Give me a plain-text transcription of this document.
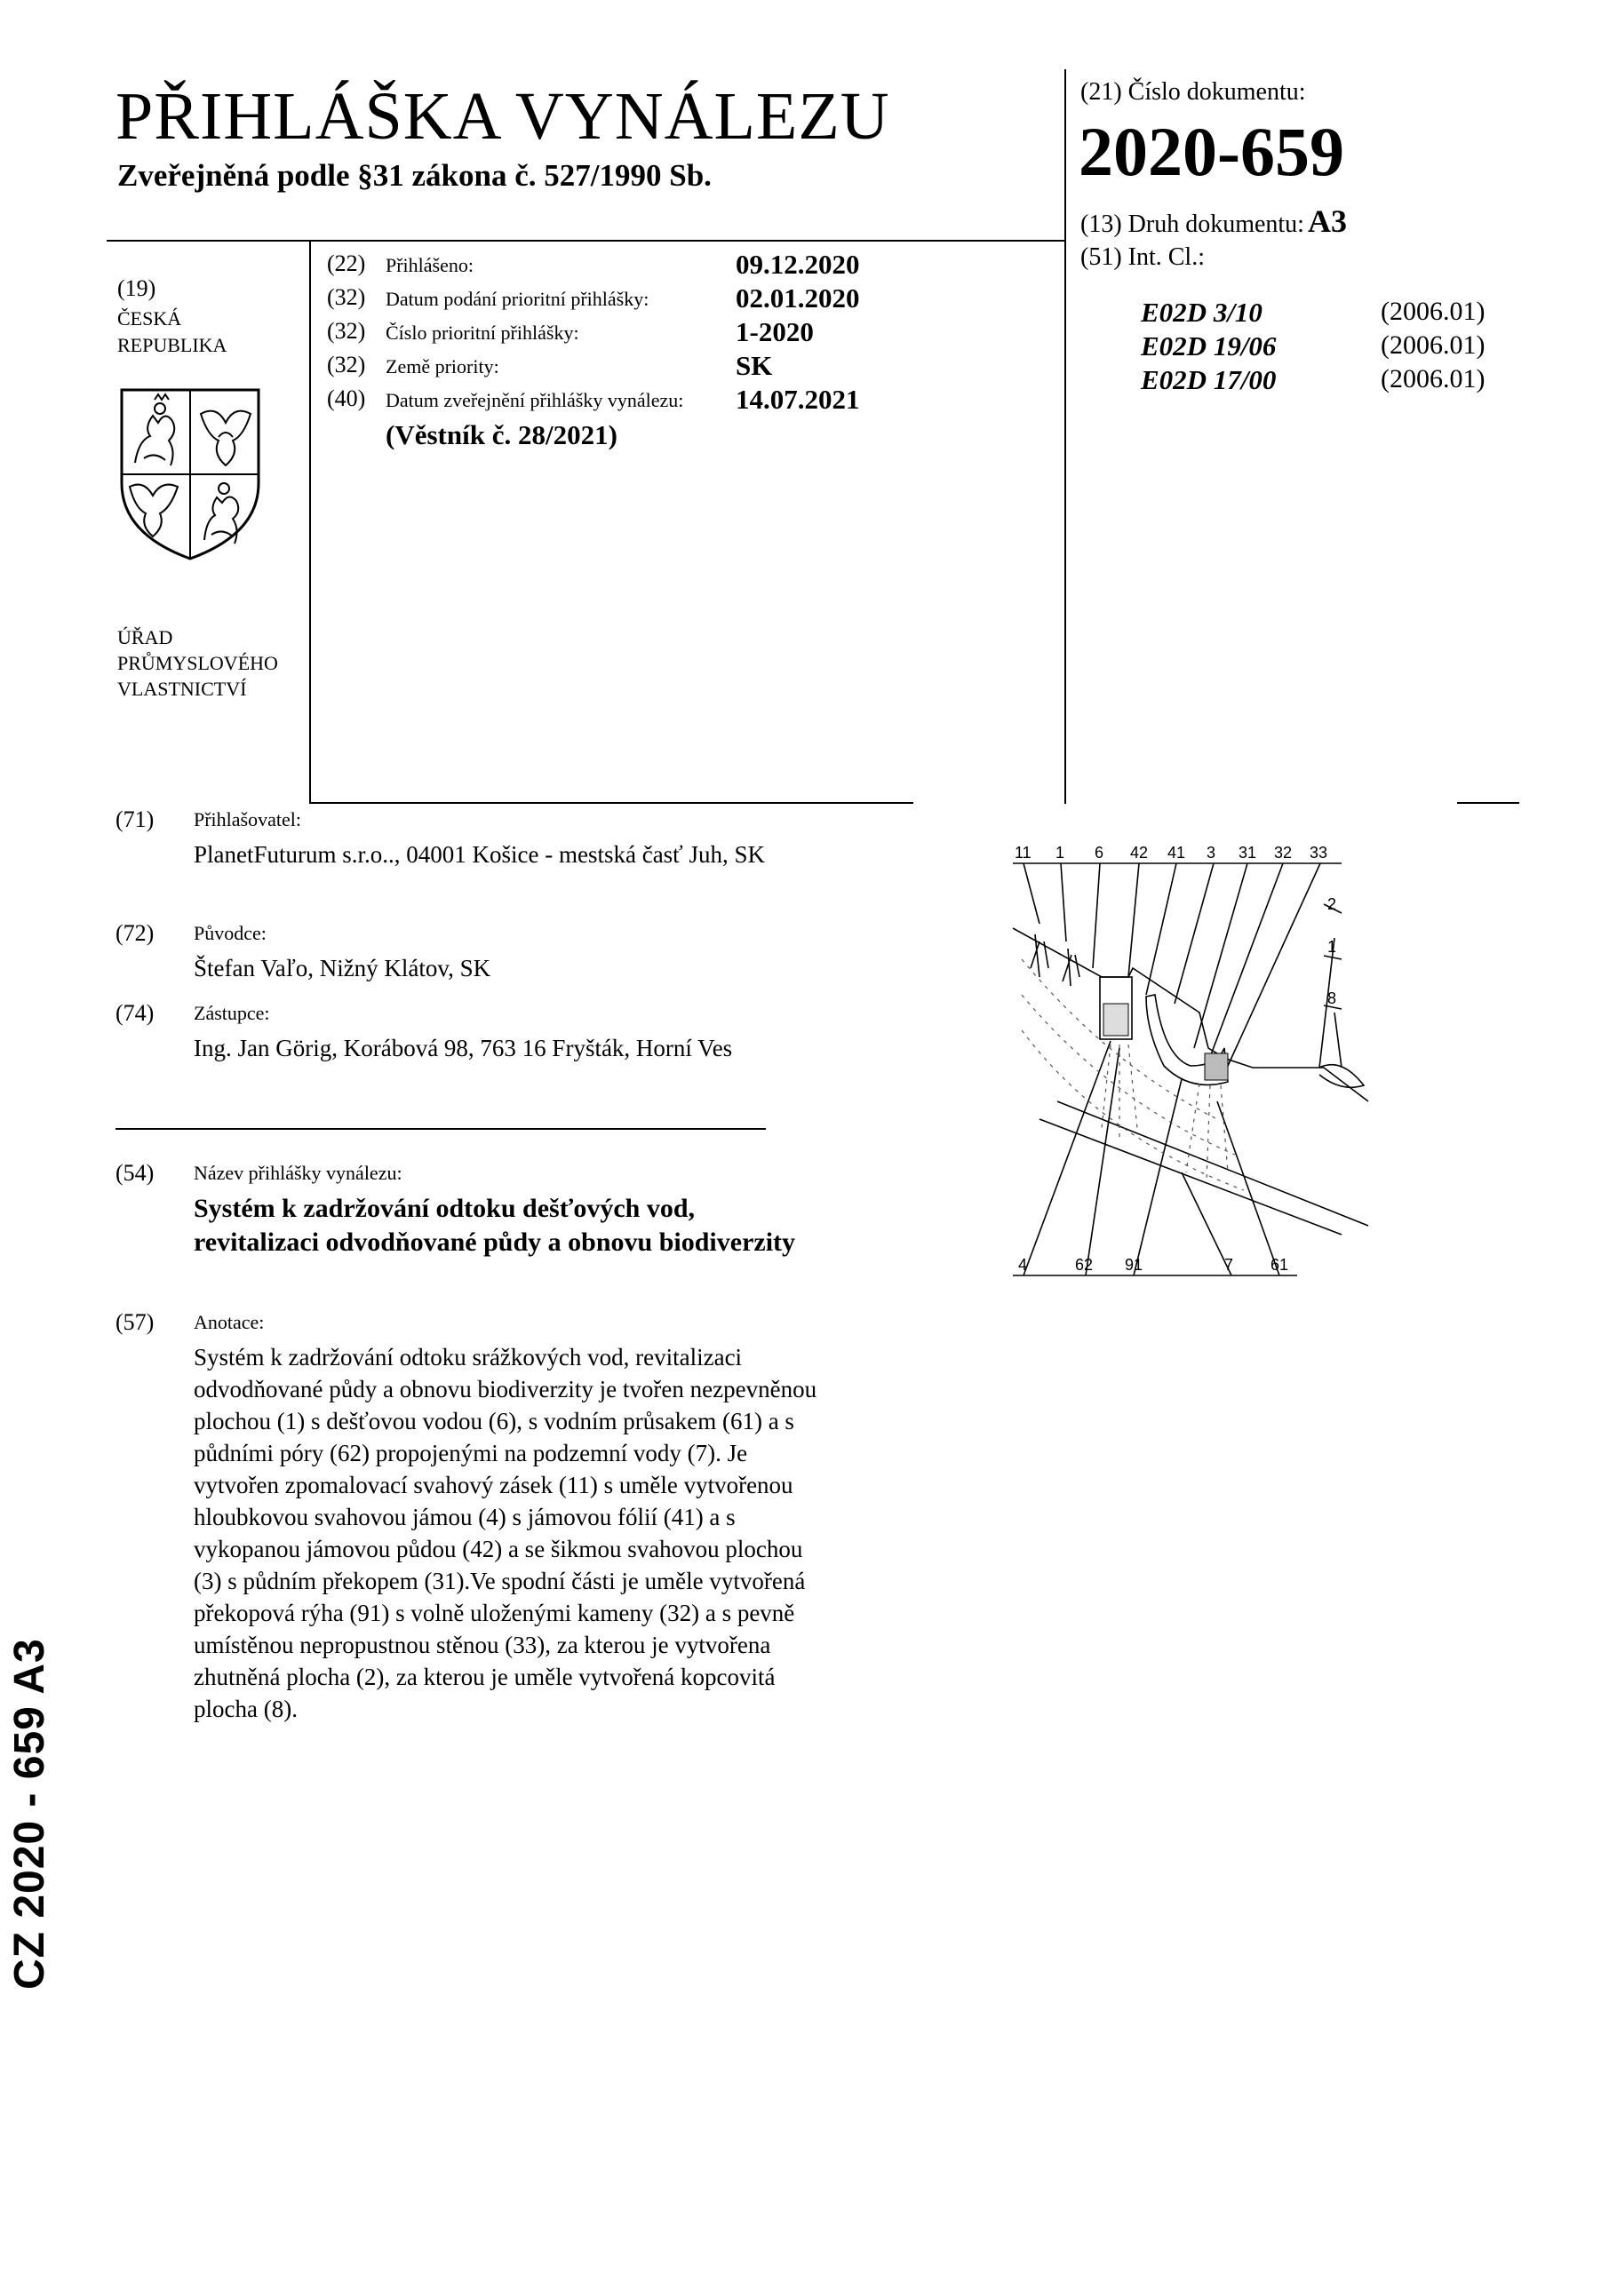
PŘIHLÁŠKA VYNÁLEZU
Zveřejněná podle §31 zákona č. 527/1990 Sb.
(19)
ČESKÁ
REPUBLIKA
ÚŘAD
PRŮMYSLOVÉHO
VLASTNICTVÍ
(22) Přihlášeno:	09.12.2020
(32) Datum podání prioritní přihlášky:	02.01.2020
(32) Číslo prioritní přihlášky:	1-2020
(32) Země priority:	SK
(40) Datum zveřejnění přihlášky vynálezu: 14.07.2021
(Věstník č. 28/2021)
(21) Číslo dokumentu:
2020-659
(13) Druh dokumentu: A3
(51) Int. Cl.:
E02D 3/10	(2006.01)
E02D 19/06	(2006.01)
E02D 17/00	(2006.01)
(71) Přihlašovatel:
PlanetFuturum s.r.o.., 04001 Košice - mestská časť Juh, SK
(72) Původce:
Štefan Vaľo, Nižný Klátov, SK
(74) Zástupce:
Ing. Jan Görig, Korábová 98, 763 16 Fryšták, Horní Ves
(54) Název přihlášky vynálezu:
Systém k zadržování odtoku dešťových vod, revitalizaci odvodňované půdy a obnovu biodiverzity
(57) Anotace:
Systém k zadržování odtoku srážkových vod, revitalizaci odvodňované půdy a obnovu biodiverzity je tvořen nezpevněnou plochou (1) s dešťovou vodou (6), s vodním průsakem (61) a s půdními póry (62) propojenými na podzemní vody (7). Je vytvořen zpomalovací svahový zásek (11) s uměle vytvořenou hloubkovou svahovou jámou (4) s jámovou fólií (41) a s vykopanou jámovou půdou (42) a se šikmou svahovou plochou (3) s půdním překopem (31).Ve spodní části je uměle vytvořená překopová rýha (91) s volně uloženými kameny (32) a s pevně umístěnou nepropustnou stěnou (33), za kterou je vytvořena zhutněná plocha (2), za kterou je uměle vytvořená kopcovitá plocha (8).
11 1 6 42 41 3 31 32 33
2
1
8
4	62 91	7 61
CZ 2020 - 659 A3
